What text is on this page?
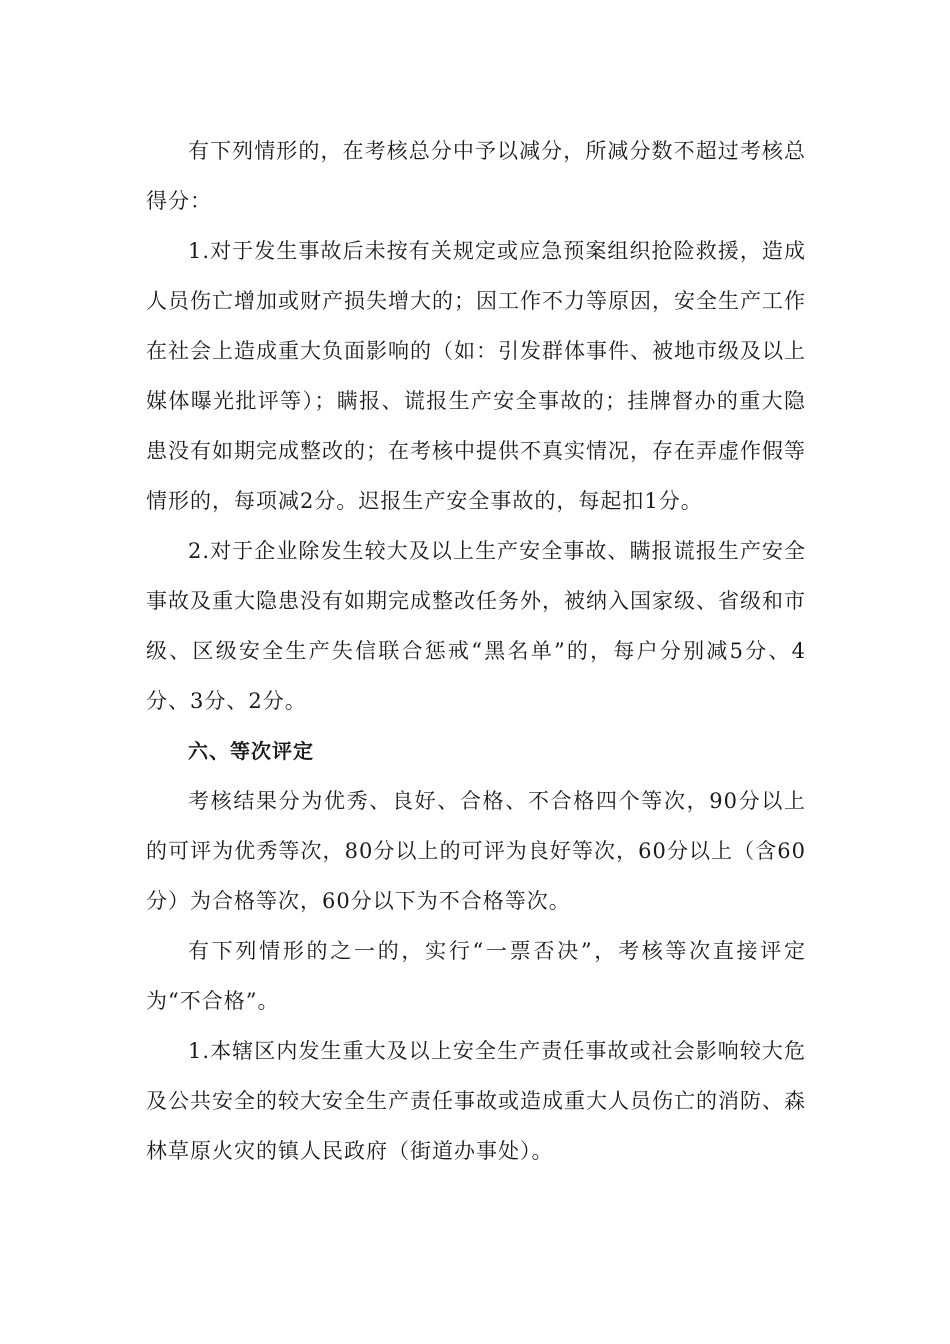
有下列情形的，在考核总分中予以减分，所减分数不超过考核总得分：

1.对于发生事故后未按有关规定或应急预案组织抢险救援，造成人员伤亡增加或财产损失增大的；因工作不力等原因，安全生产工作在社会上造成重大负面影响的（如：引发群体事件、被地市级及以上媒体曝光批评等）；瞒报、谎报生产安全事故的；挂牌督办的重大隐患没有如期完成整改的；在考核中提供不真实情况，存在弄虚作假等情形的，每项减2分。迟报生产安全事故的，每起扣1分。

2.对于企业除发生较大及以上生产安全事故、瞒报谎报生产安全事故及重大隐患没有如期完成整改任务外，被纳入国家级、省级和市级、区级安全生产失信联合惩戒“黑名单”的，每户分别减5分、4分、3分、2分。

六、等次评定

考核结果分为优秀、良好、合格、不合格四个等次，90分以上的可评为优秀等次，80分以上的可评为良好等次，60分以上（含60分）为合格等次，60分以下为不合格等次。

有下列情形的之一的，实行“一票否决”，考核等次直接评定为“不合格”。

1.本辖区内发生重大及以上安全生产责任事故或社会影响较大危及公共安全的较大安全生产责任事故或造成重大人员伤亡的消防、森林草原火灾的镇人民政府（街道办事处）。
